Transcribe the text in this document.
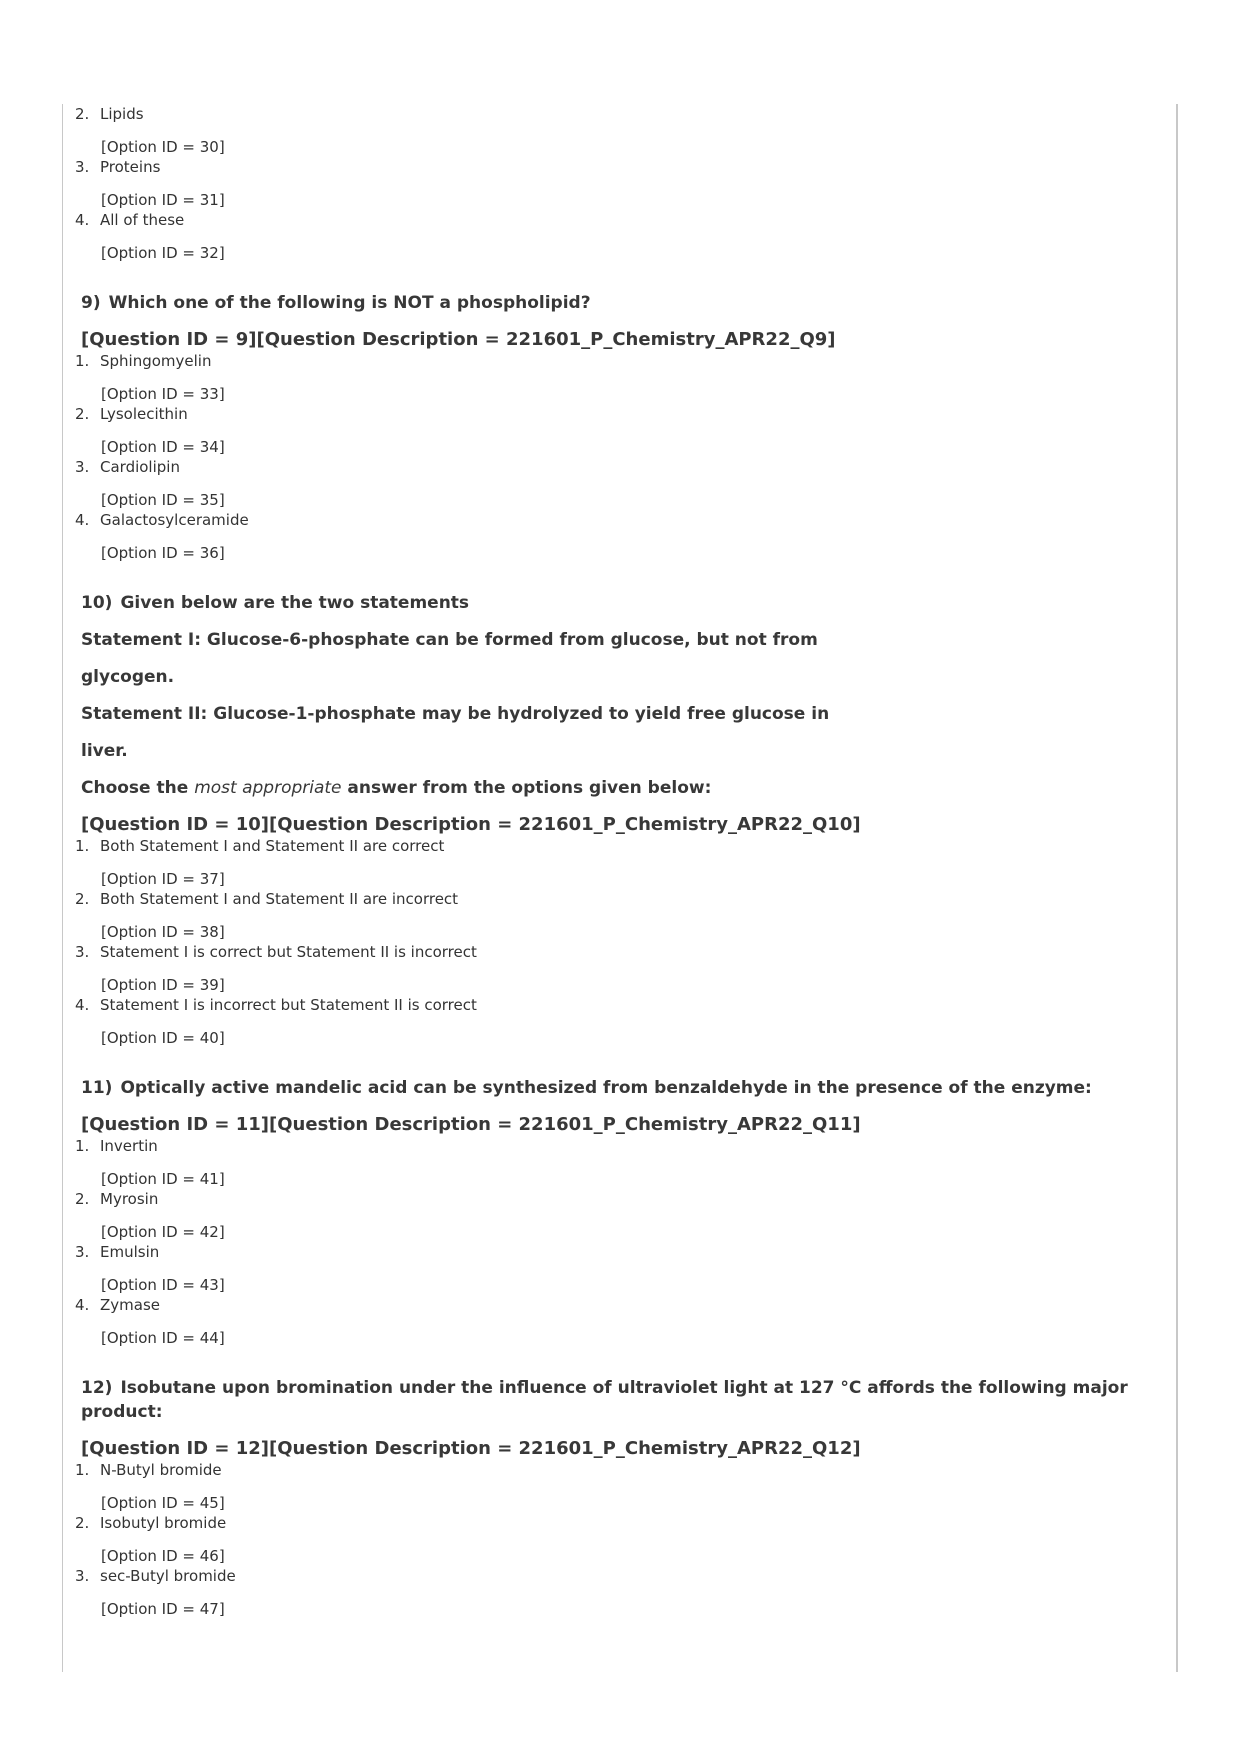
2. Lipids
[Option ID = 30]
3. Proteins
[Option ID = 31]
4. All of these
[Option ID = 32]
9) Which one of the following is NOT a phospholipid?
[Question ID = 9][Question Description = 221601_P_Chemistry_APR22_Q9]
1. Sphingomyelin
[Option ID = 33]
2. Lysolecithin
[Option ID = 34]
3. Cardiolipin
[Option ID = 35]
4. Galactosylceramide
[Option ID = 36]
10) Given below are the two statements
Statement I: Glucose-6-phosphate can be formed from glucose, but not from
glycogen.
Statement II: Glucose-1-phosphate may be hydrolyzed to yield free glucose in
liver.
Choose the most appropriate answer from the options given below:
[Question ID = 10][Question Description = 221601_P_Chemistry_APR22_Q10]
1. Both Statement I and Statement II are correct
[Option ID = 37]
2. Both Statement I and Statement II are incorrect
[Option ID = 38]
3. Statement I is correct but Statement II is incorrect
[Option ID = 39]
4. Statement I is incorrect but Statement II is correct
[Option ID = 40]
11) Optically active mandelic acid can be synthesized from benzaldehyde in the presence of the enzyme:
[Question ID = 11][Question Description = 221601_P_Chemistry_APR22_Q11]
1. Invertin
[Option ID = 41]
2. Myrosin
[Option ID = 42]
3. Emulsin
[Option ID = 43]
4. Zymase
[Option ID = 44]
12) Isobutane upon bromination under the influence of ultraviolet light at 127 °C affords the following major product:
[Question ID = 12][Question Description = 221601_P_Chemistry_APR22_Q12]
1. N-Butyl bromide
[Option ID = 45]
2. Isobutyl bromide
[Option ID = 46]
3. sec-Butyl bromide
[Option ID = 47]
